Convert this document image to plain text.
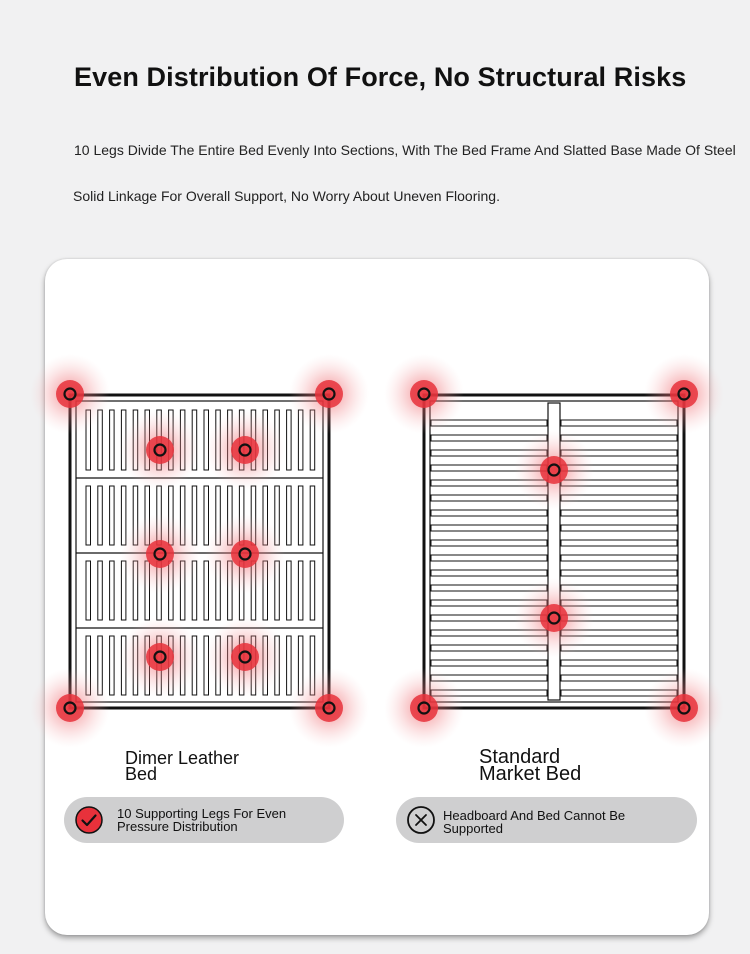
Even Distribution Of Force, No Structural Risks

10 Legs Divide The Entire Bed Evenly Into Sections, With The Bed Frame And Slatted Base Made Of Steel

Solid Linkage For Overall Support, No Worry About Uneven Flooring.

Dimer Leather
Bed
Standard
Market Bed
10 Supporting Legs For Even
Pressure Distribution
Headboard And Bed Cannot Be
Supported
